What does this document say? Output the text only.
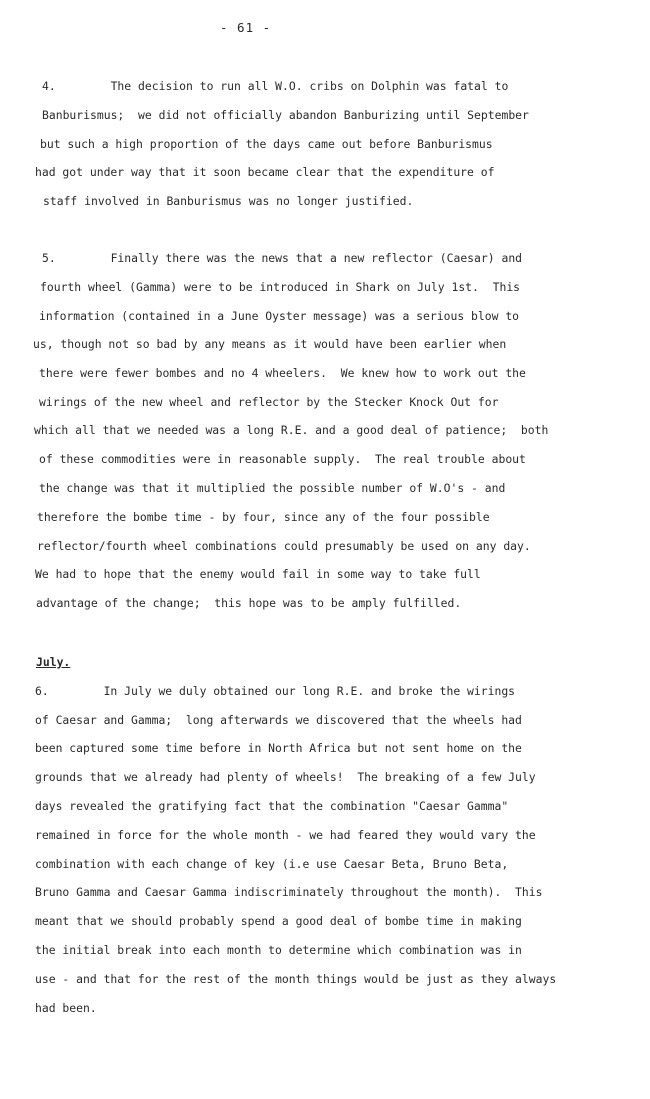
- 61 -
4.        The decision to run all W.O. cribs on Dolphin was fatal to
Banburismus;  we did not officially abandon Banburizing until September
but such a high proportion of the days came out before Banburismus
had got under way that it soon became clear that the expenditure of
staff involved in Banburismus was no longer justified.
5.        Finally there was the news that a new reflector (Caesar) and
fourth wheel (Gamma) were to be introduced in Shark on July 1st.  This
information (contained in a June Oyster message) was a serious blow to
us, though not so bad by any means as it would have been earlier when
there were fewer bombes and no 4 wheelers.  We knew how to work out the
wirings of the new wheel and reflector by the Stecker Knock Out for
which all that we needed was a long R.E. and a good deal of patience;  both
of these commodities were in reasonable supply.  The real trouble about
the change was that it multiplied the possible number of W.O's - and
therefore the bombe time - by four, since any of the four possible
reflector/fourth wheel combinations could presumably be used on any day.
We had to hope that the enemy would fail in some way to take full
advantage of the change;  this hope was to be amply fulfilled.
July.
6.        In July we duly obtained our long R.E. and broke the wirings
of Caesar and Gamma;  long afterwards we discovered that the wheels had
been captured some time before in North Africa but not sent home on the
grounds that we already had plenty of wheels!  The breaking of a few July
days revealed the gratifying fact that the combination "Caesar Gamma"
remained in force for the whole month - we had feared they would vary the
combination with each change of key (i.e use Caesar Beta, Bruno Beta,
Bruno Gamma and Caesar Gamma indiscriminately throughout the month).  This
meant that we should probably spend a good deal of bombe time in making
the initial break into each month to determine which combination was in
use - and that for the rest of the month things would be just as they always
had been.
